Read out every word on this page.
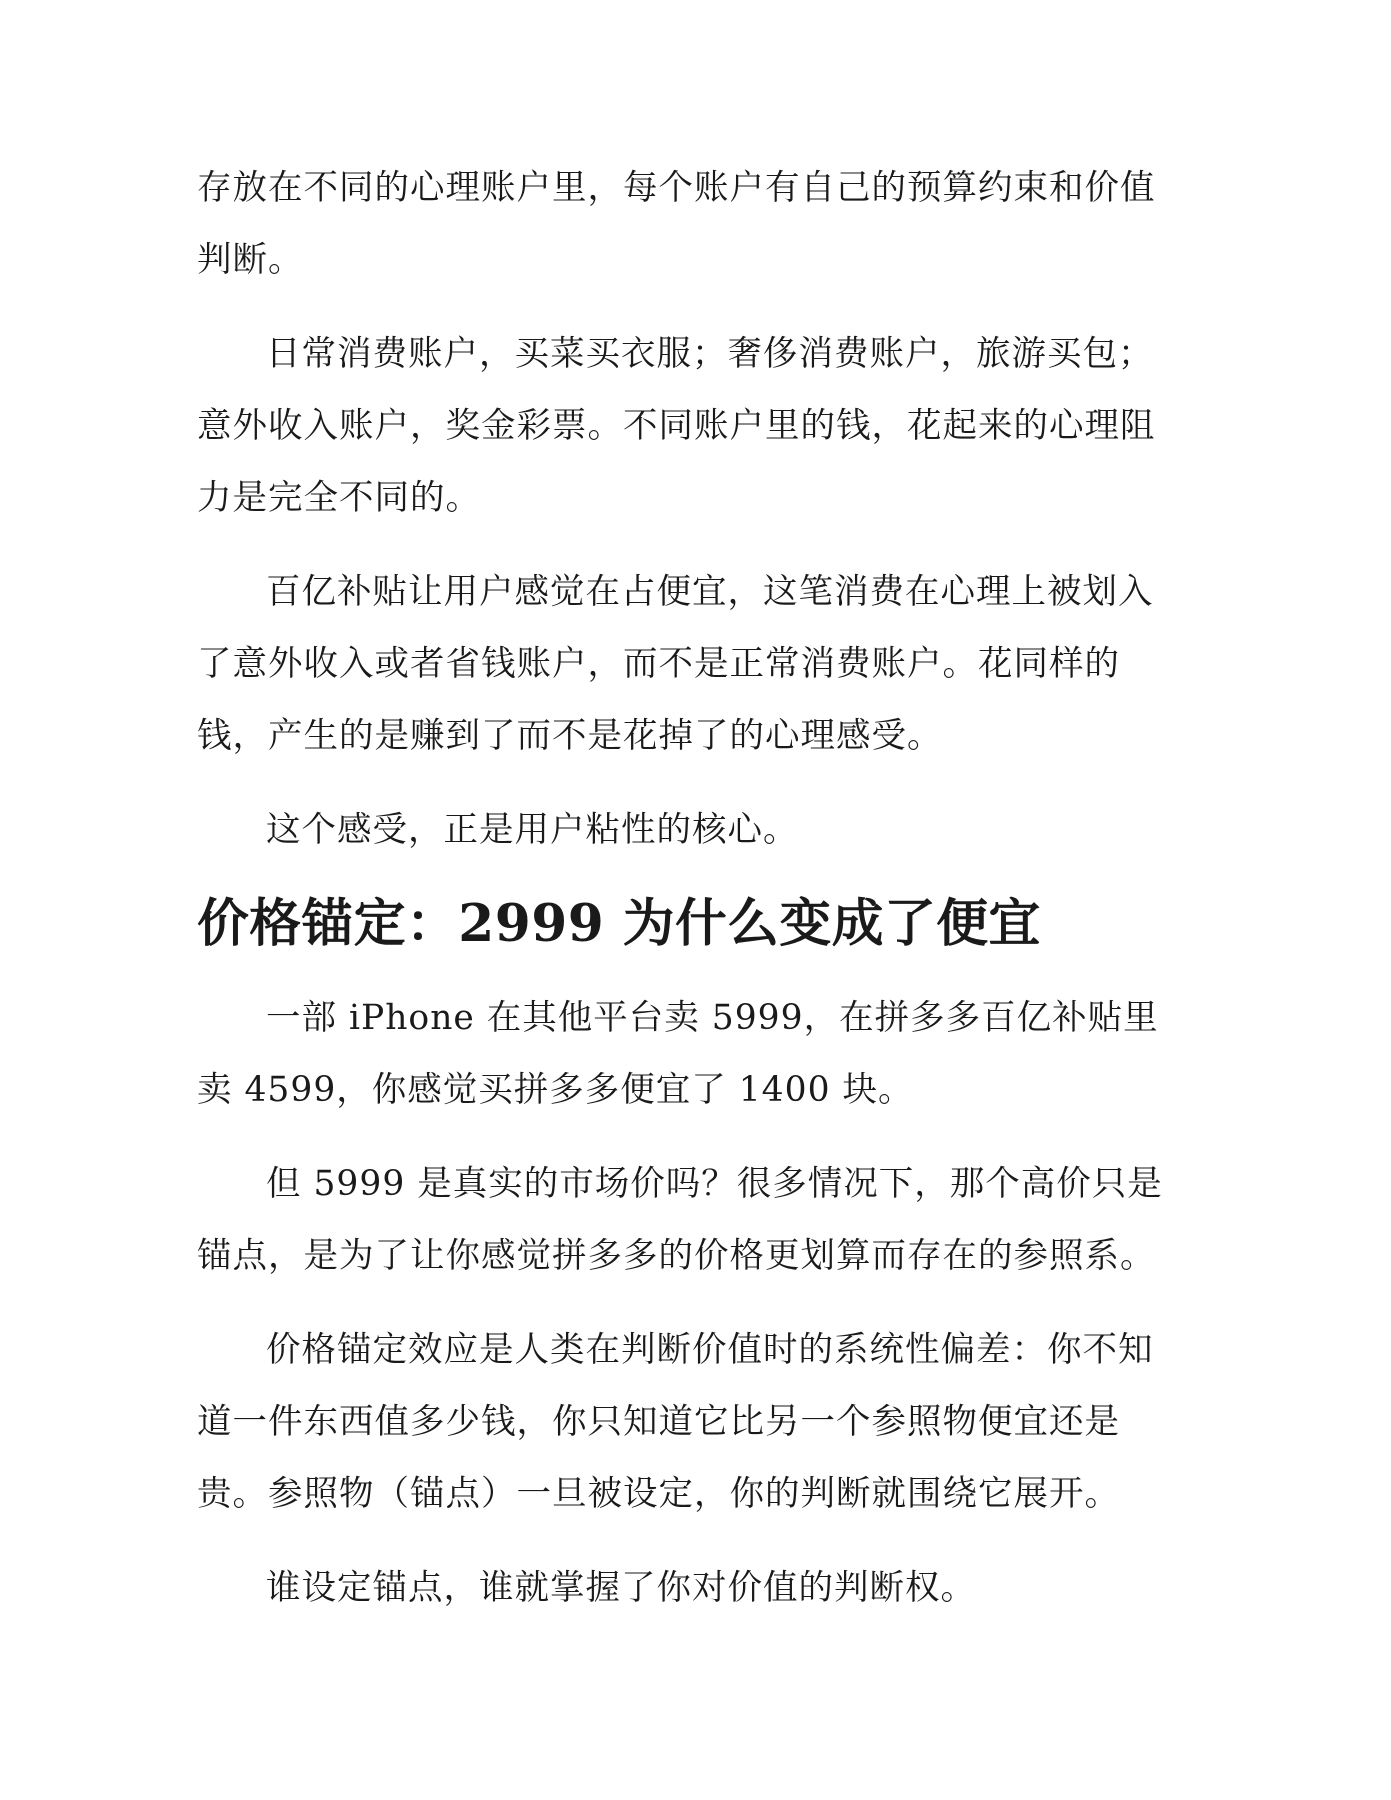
存放在不同的心理账户里，每个账户有自己的预算约束和价值判断。

日常消费账户，买菜买衣服；奢侈消费账户，旅游买包；意外收入账户，奖金彩票。不同账户里的钱，花起来的心理阻力是完全不同的。

百亿补贴让用户感觉在占便宜，这笔消费在心理上被划入了意外收入或者省钱账户，而不是正常消费账户。花同样的钱，产生的是赚到了而不是花掉了的心理感受。

这个感受，正是用户粘性的核心。

价格锚定：2999 为什么变成了便宜

一部 iPhone 在其他平台卖 5999，在拼多多百亿补贴里卖 4599，你感觉买拼多多便宜了 1400 块。

但 5999 是真实的市场价吗？很多情况下，那个高价只是锚点，是为了让你感觉拼多多的价格更划算而存在的参照系。

价格锚定效应是人类在判断价值时的系统性偏差：你不知道一件东西值多少钱，你只知道它比另一个参照物便宜还是贵。参照物（锚点）一旦被设定，你的判断就围绕它展开。

谁设定锚点，谁就掌握了你对价值的判断权。
